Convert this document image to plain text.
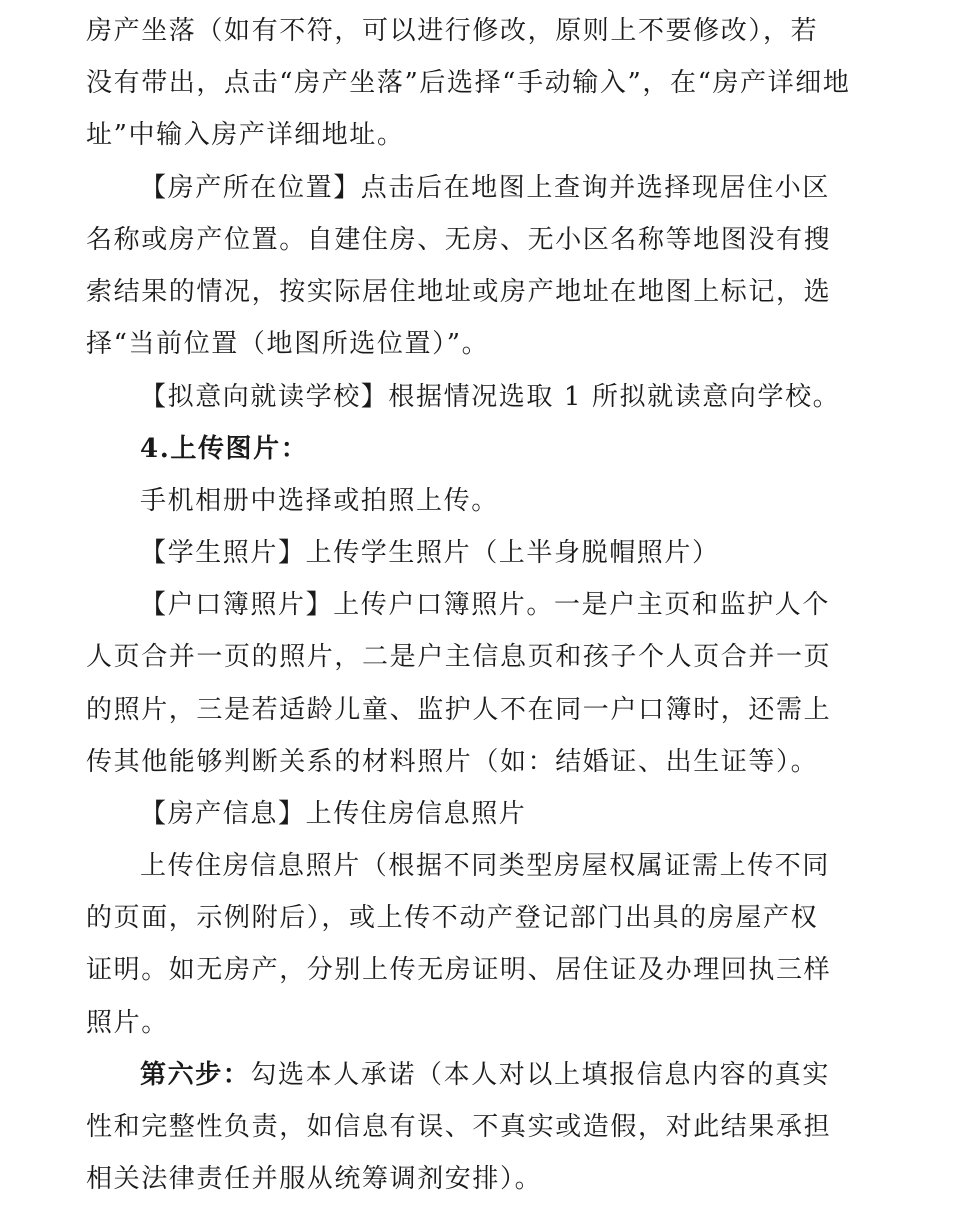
房产坐落（如有不符，可以进行修改，原则上不要修改），若
没有带出，点击“房产坐落”后选择“手动输入”，在“房产详细地
址”中输入房产详细地址。
【房产所在位置】点击后在地图上查询并选择现居住小区
名称或房产位置。自建住房、无房、无小区名称等地图没有搜
索结果的情况，按实际居住地址或房产地址在地图上标记，选
择“当前位置（地图所选位置）”。
【拟意向就读学校】根据情况选取 1 所拟就读意向学校。
4.上传图片：
手机相册中选择或拍照上传。
【学生照片】上传学生照片（上半身脱帽照片）
【户口簿照片】上传户口簿照片。一是户主页和监护人个
人页合并一页的照片，二是户主信息页和孩子个人页合并一页
的照片，三是若适龄儿童、监护人不在同一户口簿时，还需上
传其他能够判断关系的材料照片（如：结婚证、出生证等）。
【房产信息】上传住房信息照片
上传住房信息照片（根据不同类型房屋权属证需上传不同
的页面，示例附后），或上传不动产登记部门出具的房屋产权
证明。如无房产，分别上传无房证明、居住证及办理回执三样
照片。
第六步：勾选本人承诺（本人对以上填报信息内容的真实
性和完整性负责，如信息有误、不真实或造假，对此结果承担
相关法律责任并服从统筹调剂安排）。
